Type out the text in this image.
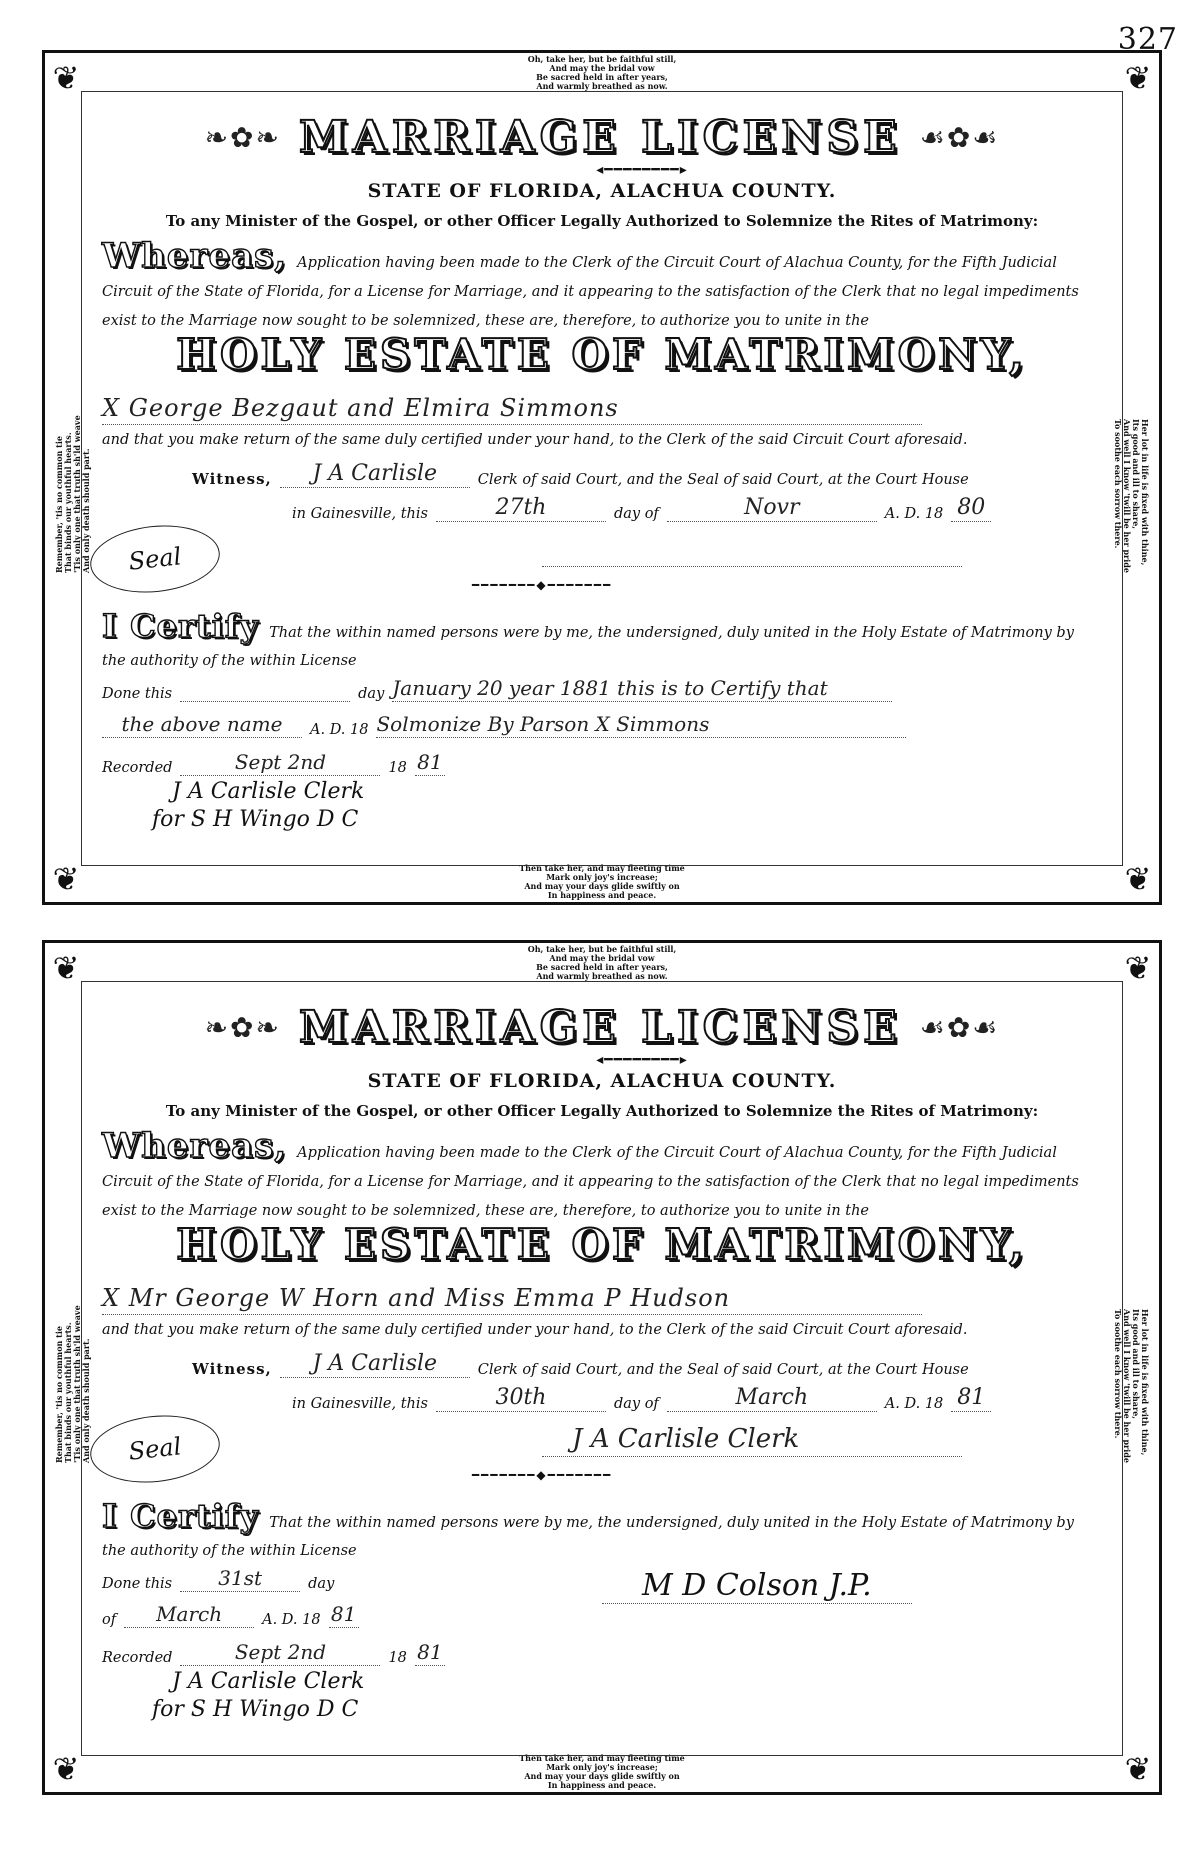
327
❦	❦
❦	❦
Oh, take her, but be faithful still,
And may the bridal vow
Be sacred held in after years,
And warmly breathed as now.
Then take her, and may fleeting time
Mark only joy's increase;
And may your days glide swiftly on
In happiness and peace.
Remember, 'tis no common tie That binds our youthful hearts. 'Tis only one that truth sh'ld weave And only death should part.	Her lot in life is fixed with thine,
Its good and ill to share,
And well I know 'twill be her pride
To soothe each sorrow there.
❧✿❧ MARRIAGE LICENSE ☙✿☙
◂━━━━━━━━▸
STATE OF FLORIDA, ALACHUA COUNTY.
To any Minister of the Gospel, or other Officer Legally Authorized to Solemnize the Rites of Matrimony:
Whereas, Application having been made to the Clerk of the Circuit Court of Alachua County, for the Fifth Judicial Circuit of the State of Florida, for a License for Marriage, and it appearing to the satisfaction of the Clerk that no legal impediments exist to the Marriage now sought to be solemnized, these are, therefore, to authorize you to unite in the
HOLY ESTATE OF MATRIMONY,
X George Bezgaut and Elmira Simmons
and that you make return of the same duly certified under your hand, to the Clerk of the said Circuit Court aforesaid.
Witness,	J A Carlisle	Clerk of said Court, and the Seal of said Court, at the Court House
in Gainesville, this	27th	day of	Novr	A. D. 18 80
Seal
━━━━━━━◆━━━━━━━
I Certify That the within named persons were by me, the undersigned, duly united in the Holy Estate of Matrimony by the authority of the within License
Done this	day January 20 year 1881 this is to Certify that
the above name	A. D. 18 Solmonize By Parson X Simmons
Recorded	Sept 2nd	18 81
J A Carlisle Clerk
for S H Wingo D C
❦	❦
❦	❦
Oh, take her, but be faithful still,
And may the bridal vow
Be sacred held in after years,
And warmly breathed as now.
Then take her, and may fleeting time
Mark only joy's increase;
And may your days glide swiftly on
In happiness and peace.
Remember, 'tis no common tie That binds our youthful hearts. 'Tis only one that truth sh'ld weave And only death should part.	Her lot in life is fixed with thine,
Its good and ill to share,
And well I know 'twill be her pride
To soothe each sorrow there.
❧✿❧ MARRIAGE LICENSE ☙✿☙
◂━━━━━━━━▸
STATE OF FLORIDA, ALACHUA COUNTY.
To any Minister of the Gospel, or other Officer Legally Authorized to Solemnize the Rites of Matrimony:
Whereas, Application having been made to the Clerk of the Circuit Court of Alachua County, for the Fifth Judicial Circuit of the State of Florida, for a License for Marriage, and it appearing to the satisfaction of the Clerk that no legal impediments exist to the Marriage now sought to be solemnized, these are, therefore, to authorize you to unite in the
HOLY ESTATE OF MATRIMONY,
X Mr George W Horn and Miss Emma P Hudson
and that you make return of the same duly certified under your hand, to the Clerk of the said Circuit Court aforesaid.
Witness,	J A Carlisle	Clerk of said Court, and the Seal of said Court, at the Court House
in Gainesville, this	30th	day of	March	A. D. 18 81
Seal	J A Carlisle Clerk
━━━━━━━◆━━━━━━━
I Certify That the within named persons were by me, the undersigned, duly united in the Holy Estate of Matrimony by the authority of the within License
Done this	31st	day
of	March	A. D. 18 81
M D Colson J.P.
Recorded	Sept 2nd	18 81
J A Carlisle Clerk
for S H Wingo D C
